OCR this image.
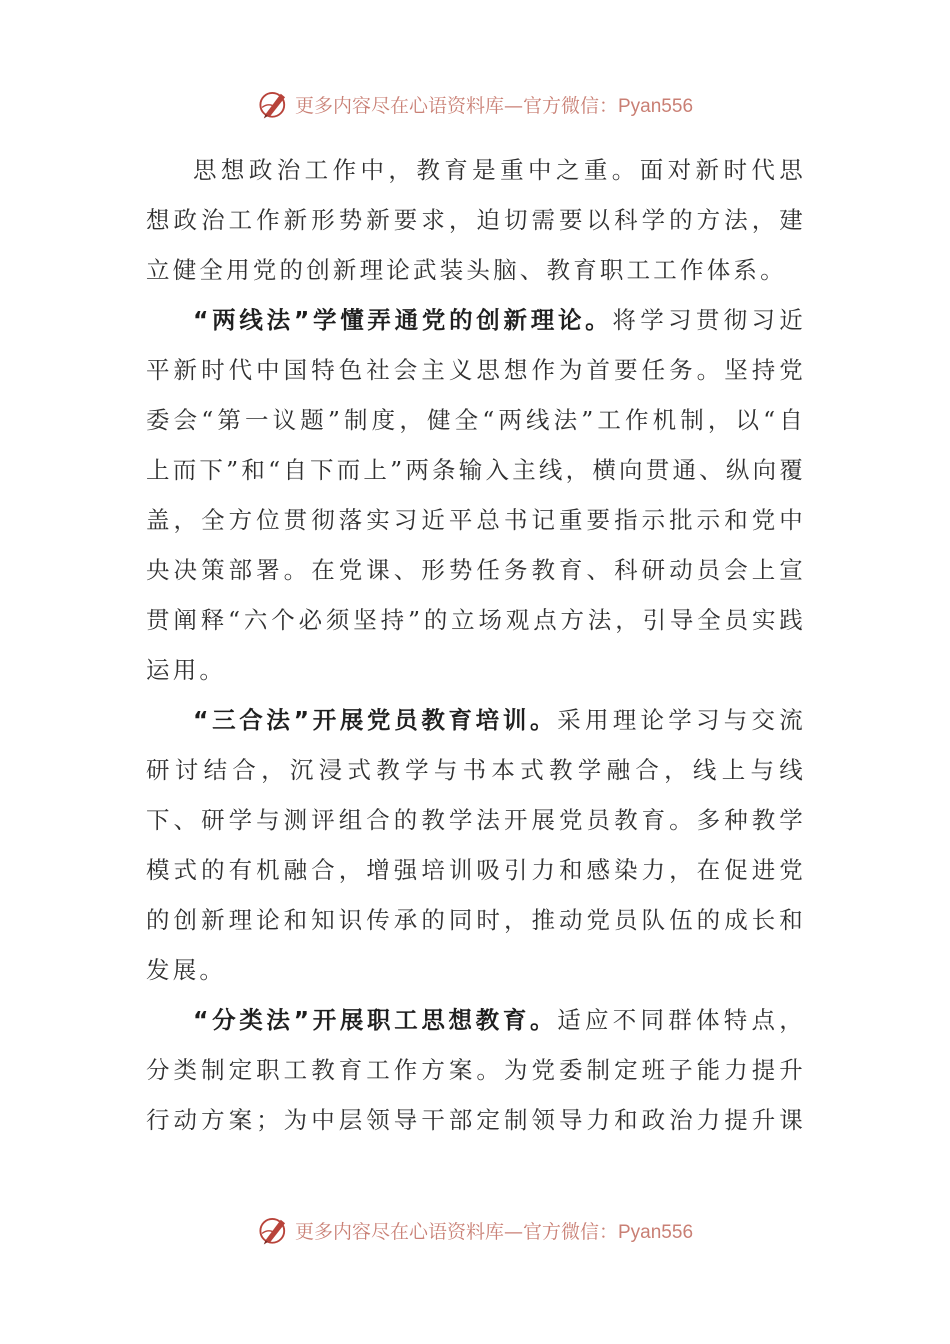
更多内容尽在心语资料库—官方微信：Pyan556

思想政治工作中，教育是重中之重。面对新时代思想政治工作新形势新要求，迫切需要以科学的方法，建立健全用党的创新理论武装头脑、教育职工工作体系。

“两线法”学懂弄通党的创新理论。将学习贯彻习近平新时代中国特色社会主义思想作为首要任务。坚持党委会“第一议题”制度，健全“两线法”工作机制，以“自上而下”和“自下而上”两条输入主线，横向贯通、纵向覆盖，全方位贯彻落实习近平总书记重要指示批示和党中央决策部署。在党课、形势任务教育、科研动员会上宣贯阐释“六个必须坚持”的立场观点方法，引导全员实践运用。

“三合法”开展党员教育培训。采用理论学习与交流研讨结合，沉浸式教学与书本式教学融合，线上与线下、研学与测评组合的教学法开展党员教育。多种教学模式的有机融合，增强培训吸引力和感染力，在促进党的创新理论和知识传承的同时，推动党员队伍的成长和发展。

“分类法”开展职工思想教育。适应不同群体特点，分类制定职工教育工作方案。为党委制定班子能力提升行动方案；为中层领导干部定制领导力和政治力提升课

更多内容尽在心语资料库—官方微信：Pyan556
